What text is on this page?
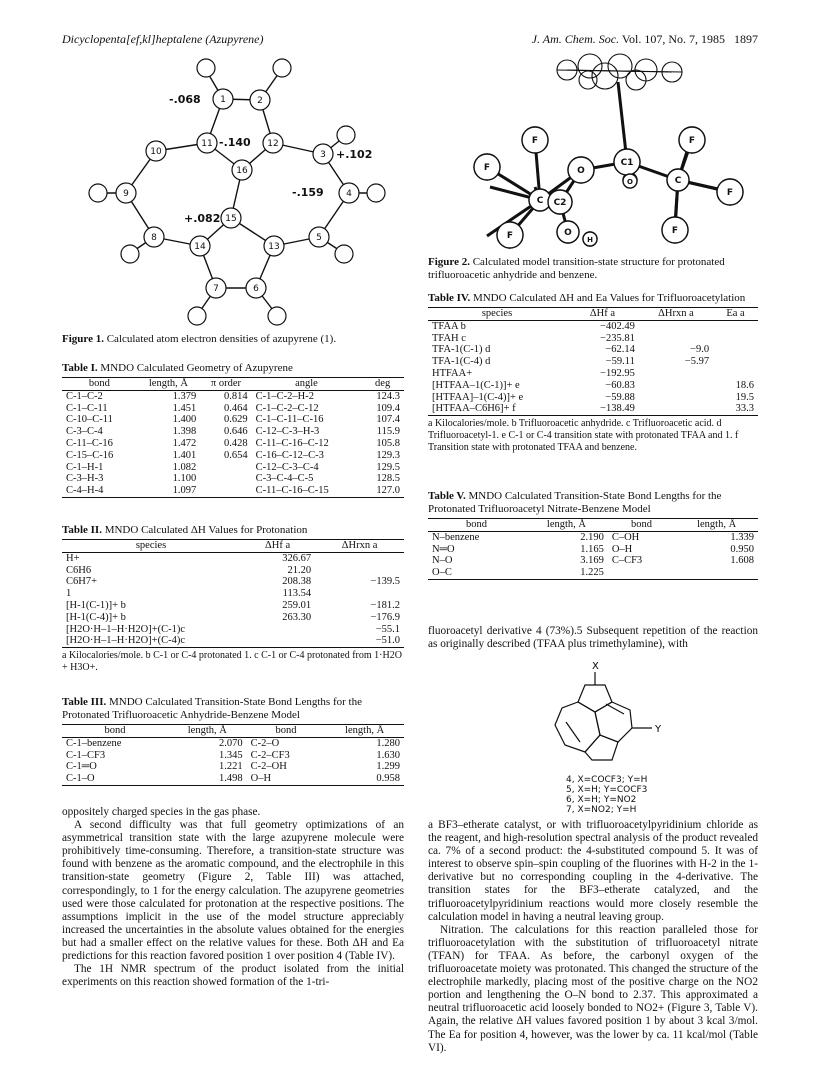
Dicyclopenta[ef,kl]heptalene (Azupyrene)	J. Am. Chem. Soc. Vol. 107, No. 7, 1985 1897
1	2
3
4
5
6
7
8
9
10
11	12
13
14
15
16
-.068
-.140
+.102
-.159
+.082
Figure 1. Calculated atom electron densities of azupyrene (1).
Table I. MNDO Calculated Geometry of Azupyrene
bond	length, Å	π order	angle	deg
C-1–C-2	1.379	0.814	C-1–C-2–H-2	124.3
C-1–C-11	1.451	0.464	C-1–C-2–C-12	109.4
C-10–C-11	1.400	0.629	C-1–C-11–C-16	107.4
C-3–C-4	1.398	0.646	C-12–C-3–H-3	115.9
C-11–C-16	1.472	0.428	C-11–C-16–C-12	105.8
C-15–C-16	1.401	0.654	C-16–C-12–C-3	129.3
C-1–H-1	1.082		C-12–C-3–C-4	129.5
C-3–H-3	1.100		C-3–C-4–C-5	128.5
C-4–H-4	1.097		C-11–C-16–C-15	127.0
Table II. MNDO Calculated ΔH Values for Protonation
species	ΔHf a	ΔHrxn a
H+	326.67	
C6H6	21.20	
C6H7+	208.38	−139.5
1	113.54	
[H-1(C-1)]+ b	259.01	−181.2
[H-1(C-4)]+ b	263.30	−176.9
[H2O·H–1–H·H2O]+(C-1)c		−55.1
[H2O·H–1–H·H2O]+(C-4)c		−51.0
a Kilocalories/mole. b C-1 or C-4 protonated 1. c C-1 or C-4 protonated from 1·H2O + H3O+.
Table III. MNDO Calculated Transition-State Bond Lengths for the Protonated Trifluoroacetic Anhydride-Benzene Model
bond	length, Å	bond	length, Å
C-1–benzene	2.070	C-2–O	1.280
C-1–CF3	1.345	C-2–CF3	1.630
C-1═O	1.221	C-2–OH	1.299
C-1–O	1.498	O–H	0.958

oppositely charged species in the gas phase.

A second difficulty was that full geometry optimizations of an asymmetrical transition state with the large azupyrene molecule were prohibitively time-consuming. Therefore, a transition-state structure was found with benzene as the aromatic compound, and the electrophile in this transition-state geometry (Figure 2, Table III) was attached, correspondingly, to 1 for the energy calculation. The azupyrene geometries used were those calculated for protonation at the respective positions. The assumptions implicit in the use of the model structure appreciably increased the uncertainties in the absolute values obtained for the energies but had a smaller effect on the relative values for these. Both ΔH and Ea predictions for this reaction favored position 1 over position 4 (Table IV).

The 1H NMR spectrum of the product isolated from the initial experiments on this reaction showed formation of the 1-tri-

F
F
F
C
O
C2
O
H
C1
O	C
F
F
F
Figure 2. Calculated model transition-state structure for protonated trifluoroacetic anhydride and benzene.
Table IV. MNDO Calculated ΔH and Ea Values for Trifluoroacetylation
species	ΔHf a	ΔHrxn a	Ea a
TFAA b	−402.49		
TFAH c	−235.81		
TFA-1(C-1) d	−62.14	−9.0	
TFA-1(C-4) d	−59.11	−5.97	
HTFAA+	−192.95		
[HTFAA–1(C-1)]+ e	−60.83		18.6
[HTFAA]–1(C-4)]+ e	−59.88		19.5
[HTFAA–C6H6]+ f	−138.49		33.3
a Kilocalories/mole. b Trifluoroacetic anhydride. c Trifluoroacetic acid. d Trifluoroacetyl-1. e C-1 or C-4 transition state with protonated TFAA and 1. f Transition state with protonated TFAA and benzene.
Table V. MNDO Calculated Transition-State Bond Lengths for the Protonated Trifluoroacetyl Nitrate-Benzene Model
bond	length, Å	bond	length, Å
N–benzene	2.190	C–OH	1.339
N═O	1.165	O–H	0.950
N–O	3.169	C–CF3	1.608
O–C	1.225		

fluoroacetyl derivative 4 (73%).5 Subsequent repetition of the reaction as originally described (TFAA plus trimethylamine), with

X
Y
4, X=COCF3; Y=H
5, X=H; Y=COCF3
6, X=H; Y=NO2
7, X=NO2; Y=H

a BF3–etherate catalyst, or with trifluoroacetylpyridinium chloride as the reagent, and high-resolution spectral analysis of the product revealed ca. 7% of a second product: the 4-substituted compound 5. It was of interest to observe spin–spin coupling of the fluorines with H-2 in the 1-derivative but no corresponding coupling in the 4-derivative. The transition states for the BF3–etherate catalyzed, and the trifluoroacetylpyridinium reactions would more closely resemble the calculation model in having a neutral leaving group.

Nitration. The calculations for this reaction paralleled those for trifluoroacetylation with the substitution of trifluoroacetyl nitrate (TFAN) for TFAA. As before, the carbonyl oxygen of the trifluoroacetate moiety was protonated. This changed the structure of the electrophile markedly, placing most of the positive charge on the NO2 portion and lengthening the O–N bond to 2.37. This approximated a neutral trifluoroacetic acid loosely bonded to NO2+ (Figure 3, Table V). Again, the relative ΔH values favored position 1 by about 3 kcal 3/mol. The Ea for position 4, however, was the lower by ca. 11 kcal/mol (Table VI).
